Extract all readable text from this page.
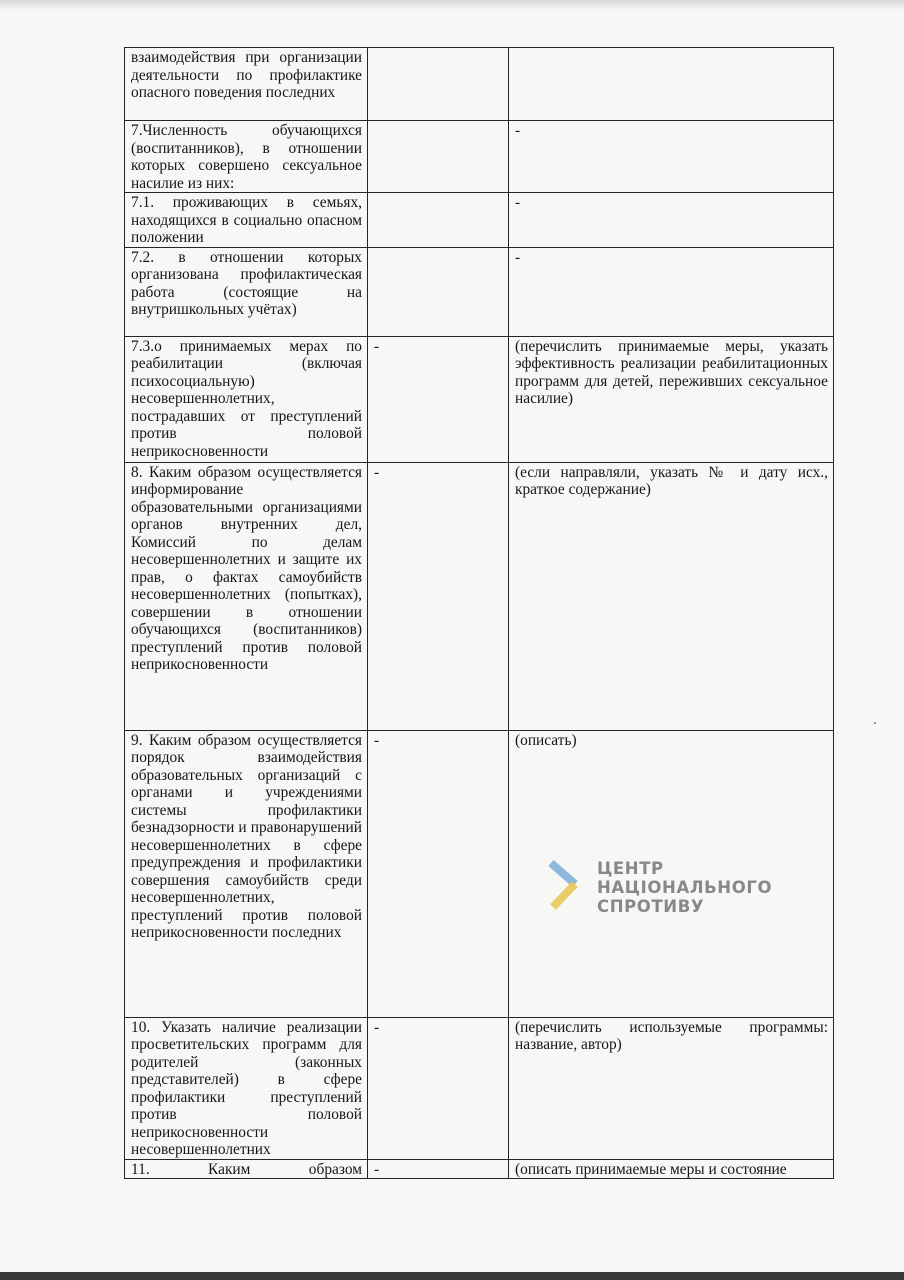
взаимодействия при организации деятельности по профилактике опасного поведения последних		
7.Численность обучающихся (воспитанников), в отношении которых совершено сексуальное насилие из них:		-
7.1. проживающих в семьях, находящихся в социально опасном положении		-
7.2. в отношении которых организована профилактическая работа (состоящие на внутришкольных учётах)		-
7.3.о принимаемых мерах по реабилитации (включая психосоциальную) несовершеннолетних, пострадавших от преступлений против половой неприкосновенности	-	(перечислить принимаемые меры, указать эффективность реализации реабилитационных программ для детей, переживших сексуальное насилие)
8. Каким образом осуществляется информирование образовательными организациями органов внутренних дел, Комиссий по делам несовершеннолетних и защите их прав, о фактах самоубийств несовершеннолетних (попытках), совершении в отношении обучающихся (воспитанников) преступлений против половой неприкосновенности	-	(если направляли, указать № и дату исх., краткое содержание)
9. Каким образом осуществляется порядок взаимодействия образовательных организаций с органами и учреждениями системы профилактики безнадзорности и правонарушений несовершеннолетних в сфере предупреждения и профилактики совершения самоубийств среди несовершеннолетних, преступлений против половой неприкосновенности последних	-	(описать)
10. Указать наличие реализации просветительских программ для родителей (законных представителей) в сфере профилактики преступлений против половой неприкосновенности несовершеннолетних	-	(перечислить используемые программы: название, автор)
11. Каким образом	-	(описать принимаемые меры и состояние
ЦЕНТР
НАЦІОНАЛЬНОГО
СПРОТИВУ
